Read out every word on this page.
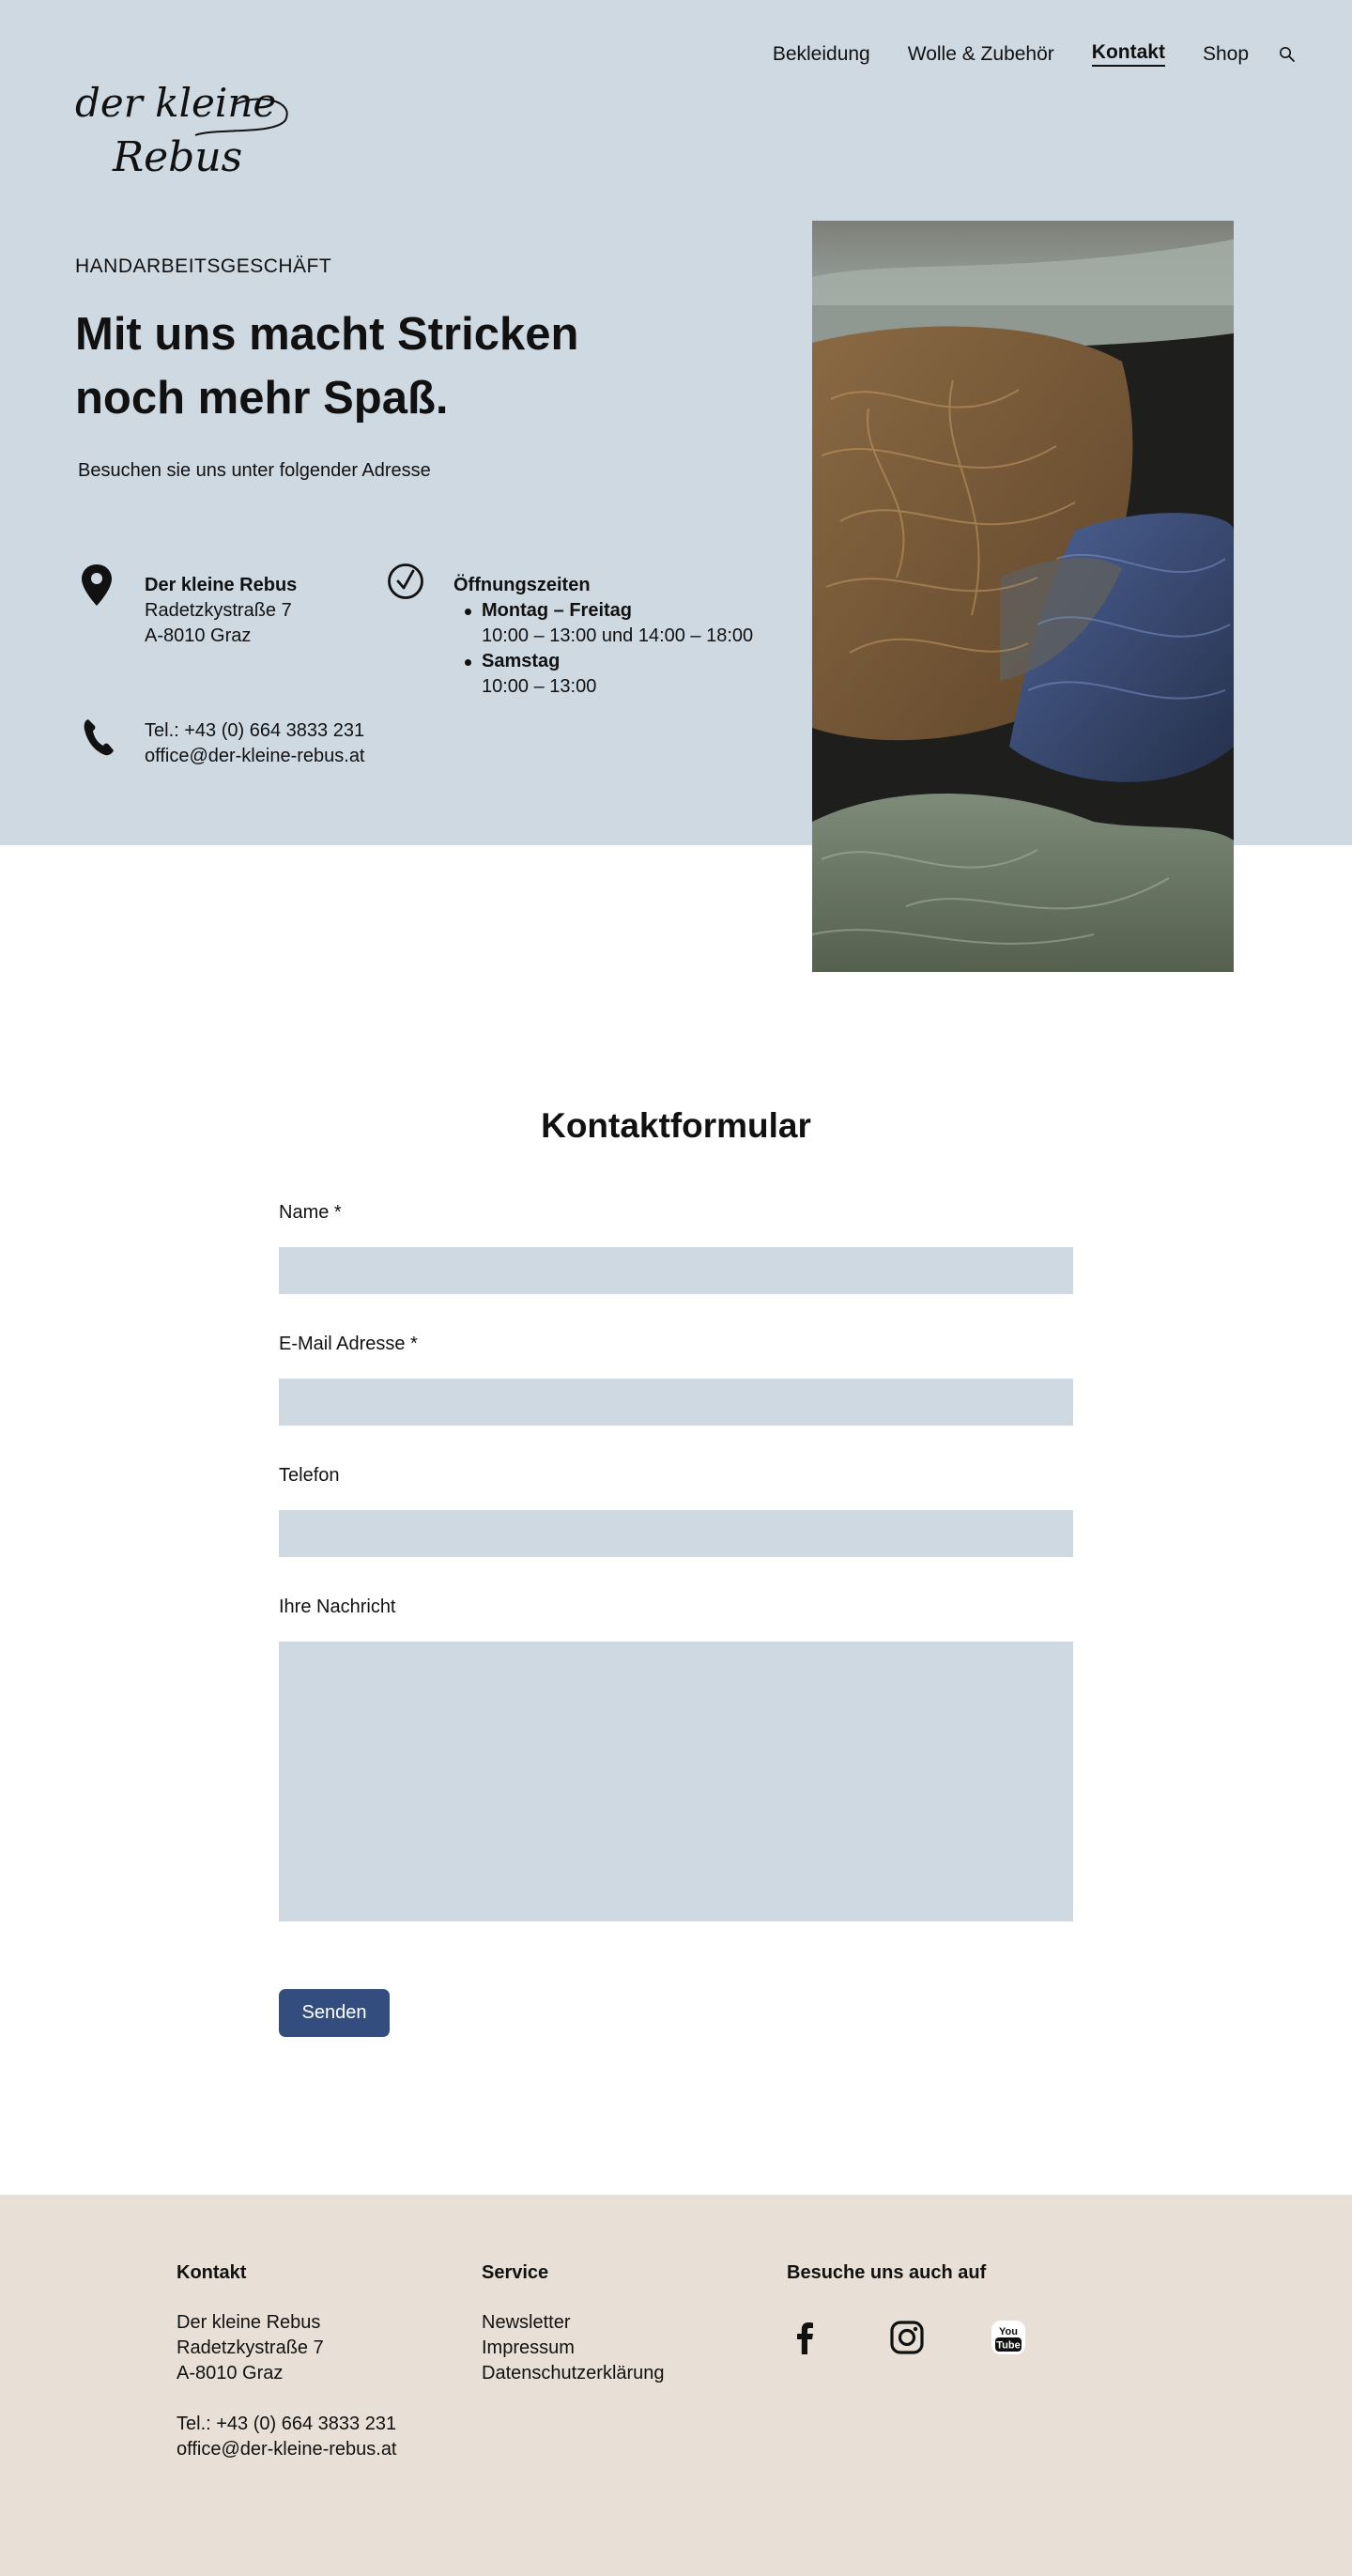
Bekleidung Wolle & Zubehör Kontakt Shop
der kleine
Rebus
HANDARBEITSGESCHÄFT
Mit uns macht Stricken noch mehr Spaß.

Besuchen sie uns unter folgender Adresse

Der kleine Rebus
Radetzkystraße 7
A-8010 Graz
Öffnungszeiten
Montag – Freitag
10:00 – 13:00 und 14:00 – 18:00
Samstag
10:00 – 13:00
Tel.: +43 (0) 664 3833 231
office@der-kleine-rebus.at
Kontaktformular
Name *
E-Mail Adresse *
Telefon
Ihre Nachricht
Senden
Kontakt
Der kleine Rebus
Radetzkystraße 7
A-8010 Graz
Tel.: +43 (0) 664 3833 231
office@der-kleine-rebus.at
Service
Newsletter
Impressum
Datenschutzerklärung
Besuche uns auch auf
You
Tube
